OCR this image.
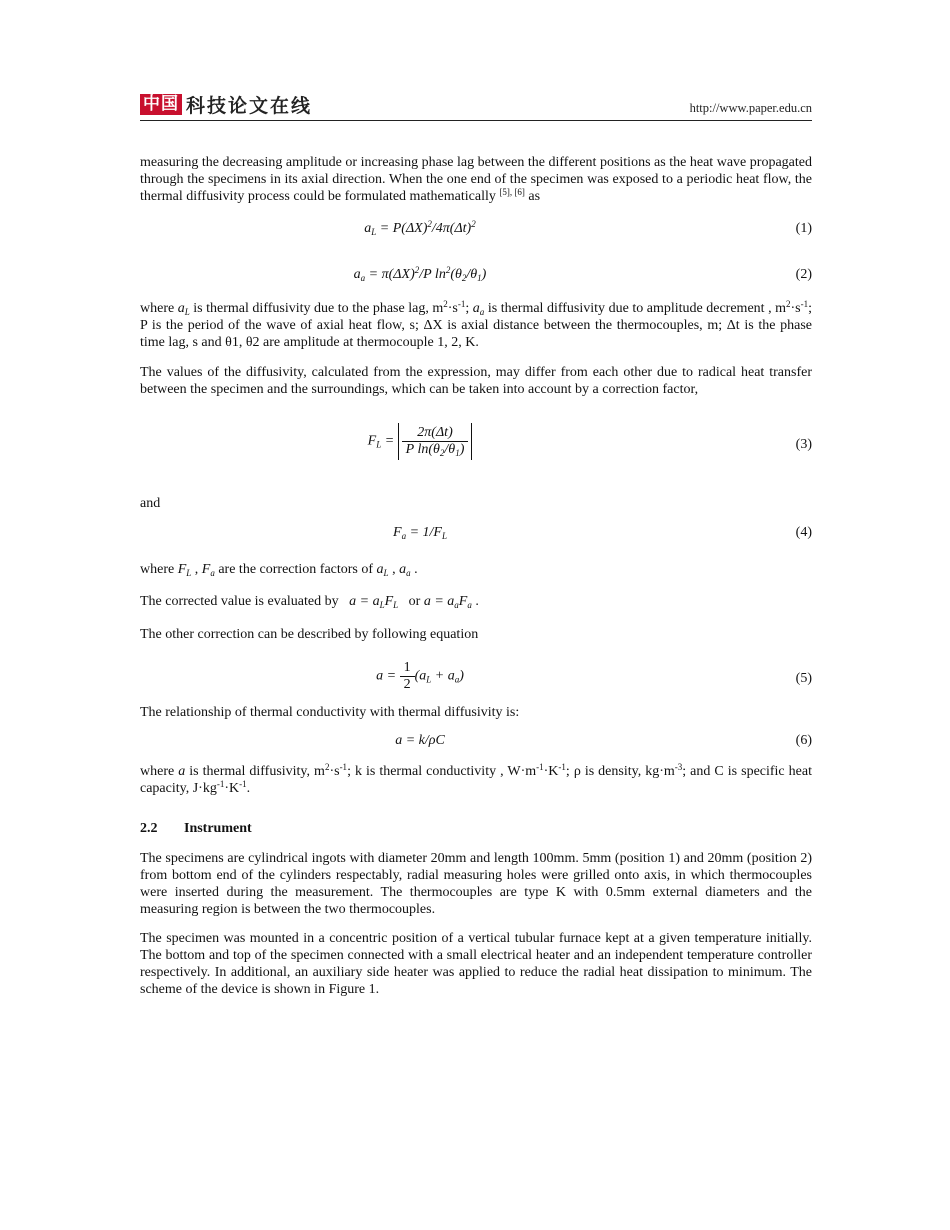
中国 科技论文在线	http://www.paper.edu.cn

measuring the decreasing amplitude or increasing phase lag between the different positions as the heat wave propagated through the specimens in its axial direction. When the one end of the specimen was exposed to a periodic heat flow, the thermal diffusivity process could be formulated mathematically [5], [6] as

$a_L = P(\Delta X)^2/4\pi(\Delta t)^2$	(1)
$a_a = \pi(\Delta X)^2/P$ $\ln^2(\theta_2/\theta_1)$	(2)

where $a_L$ is thermal diffusivity due to the phase lag, $m^2\cdot s^{-1}$; $a_a$ is thermal diffusivity due to amplitude decrement , $m^2\cdot s^{-1}$; P is the period of the wave of axial heat flow, s; ΔX is axial distance between the thermocouples, m; Δt is the phase time lag, s and θ1, θ2 are amplitude at thermocouple 1, 2, K.

The values of the diffusivity, calculated from the expression, may differ from each other due to radical heat transfer between the specimen and the surroundings, which can be taken into account by a correction factor,

$F_L = \frac{2\pi(\Delta t)}{P \ln(\theta_2/\theta_1)}$	(3)

and

$F_a = 1/F_L$	(4)

where $F_L$ , $F_a$ are the correction factors of $a_L$ , $a_a$ .

The corrected value is evaluated by $a = a_LF_L$ or $a = a_aF_a$ .

The other correction can be described by following equation

$a = \frac{1}{2} (a_L + a_a)$	(5)

The relationship of thermal conductivity with thermal diffusivity is:

a = k/ρC	(6)

where a is thermal diffusivity, $m^2\cdot s^{-1}$; k is thermal conductivity , $W\cdot m^{-1}\cdot K^{-1}$; ρ is density, $kg\cdot m^{-3}$; and C is specific heat capacity, $J\cdot kg^{-1}\cdot K^{-1}$.

2.2 Instrument

The specimens are cylindrical ingots with diameter 20mm and length 100mm. 5mm (position 1) and 20mm (position 2) from bottom end of the cylinders respectably, radial measuring holes were grilled onto axis, in which thermocouples were inserted during the measurement. The thermocouples are type K with 0.5mm external diameters and the measuring region is between the two thermocouples.

The specimen was mounted in a concentric position of a vertical tubular furnace kept at a given temperature initially. The bottom and top of the specimen connected with a small electrical heater and an independent temperature controller respectively. In additional, an auxiliary side heater was applied to reduce the radial heat dissipation to minimum. The scheme of the device is shown in Figure 1.
